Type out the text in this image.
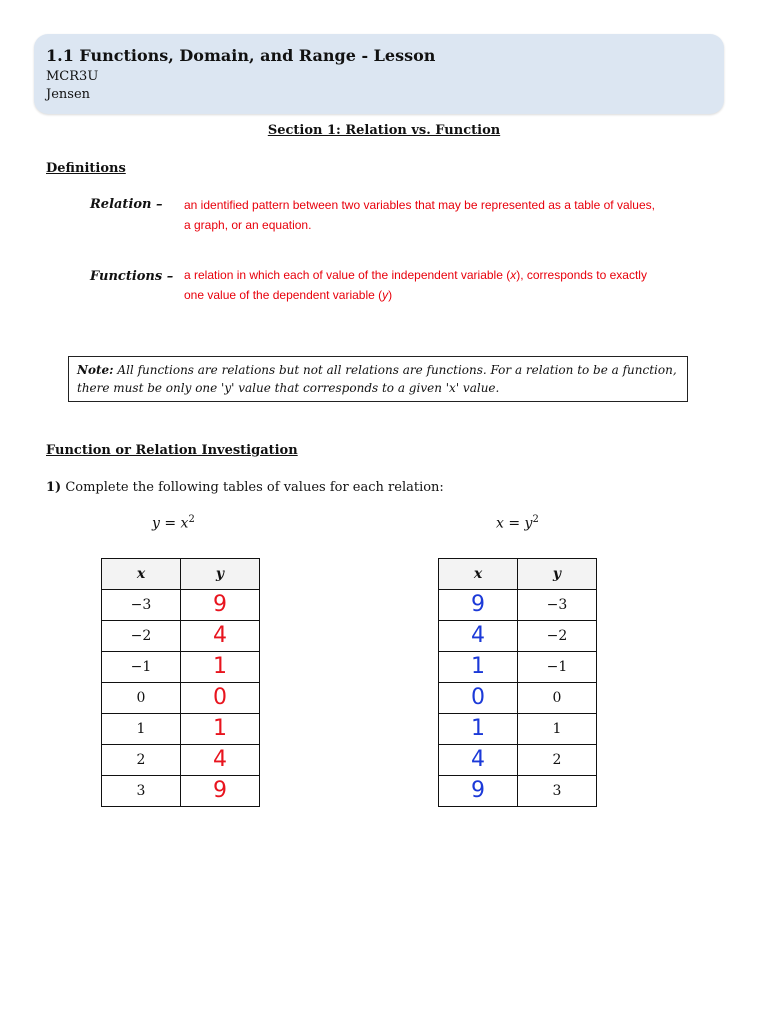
1.1 Functions, Domain, and Range - Lesson
MCR3U
Jensen
Section 1: Relation vs. Function
Definitions
Relation – an identified pattern between two variables that may be represented as a table of values, a graph, or an equation.
Functions – a relation in which each of value of the independent variable (x), corresponds to exactly one value of the dependent variable (y)
Note: All functions are relations but not all relations are functions. For a relation to be a function, there must be only one 'y' value that corresponds to a given 'x' value.
Function or Relation Investigation
1) Complete the following tables of values for each relation:
$y = x^2$	$x = y^2$
x	y
−3	9
−2	4
−1	1
0	0
1	1
2	4
3	9
x	y
9	−3
4	−2
1	−1
0	0
1	1
4	2
9	3
